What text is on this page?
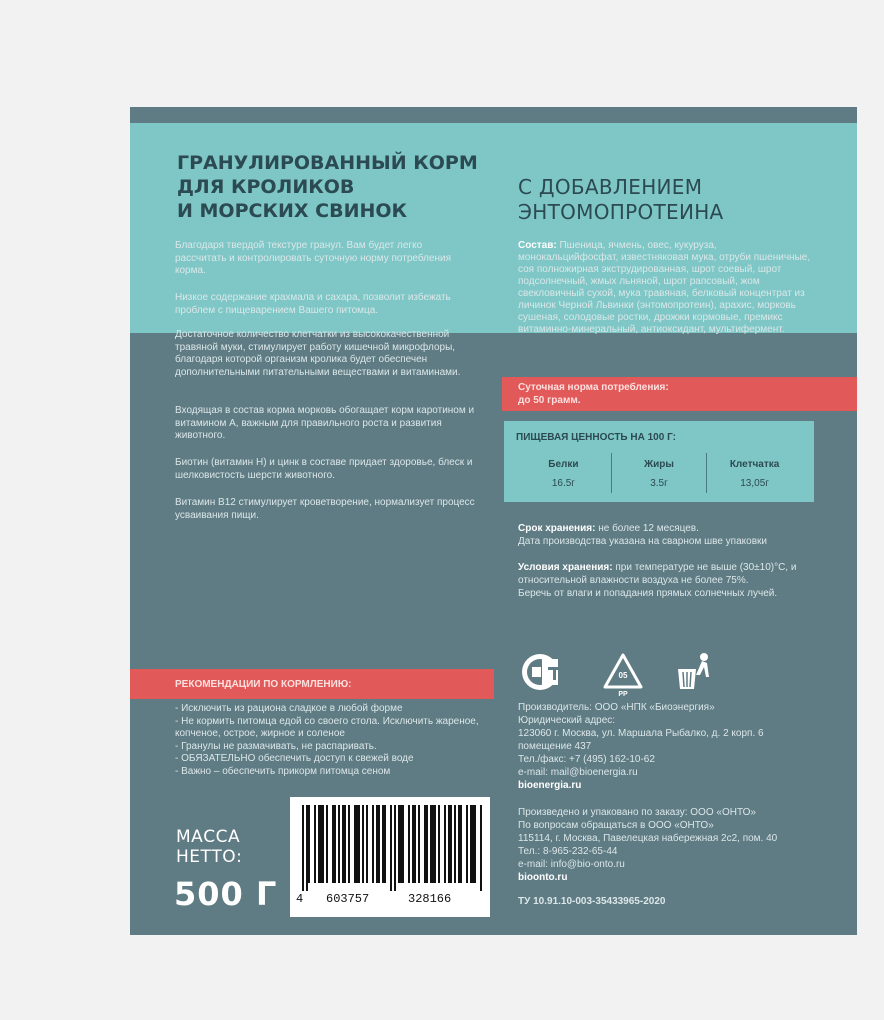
ГРАНУЛИРОВАННЫЙ КОРМ
ДЛЯ КРОЛИКОВ
И МОРСКИХ СВИНОК
С ДОБАВЛЕНИЕМ
ЭНТОМОПРОТЕИНА

Благодаря твердой текстуре гранул. Вам будет легко рассчитать и контролировать суточную норму потребления корма.

Низкое содержание крахмала и сахара, позволит избежать проблем с пищеварением Вашего питомца.

Достаточное количество клетчатки из высококачественной травяной муки, стимулирует работу кишечной микрофлоры, благодаря которой организм кролика будет обеспечен дополнительными питательными веществами и витаминами.

Входящая в состав корма морковь обогащает корм каротином и витамином А, важным для правильного роста и развития животного.

Биотин (витамин Н) и цинк в составе придает здоровье, блеск и шелковистость шерсти животного.

Витамин В12 стимулирует кроветворение, нормализует процесс усваивания пищи.

Состав: Пшеница, ячмень, овес, кукуруза, монокальцийфосфат, известняковая мука, отруби пшеничные, соя полножирная экструдированная, шрот соевый, шрот подсолнечный, жмых льняной, шрот рапсовый, жом свекловичный сухой, мука травяная, белковый концентрат из личинок Черной Львинки (энтомопротеин), арахис, морковь сушеная, солодовые ростки, дрожжи кормовые, премикс витаминно-минеральный, антиоксидант, мультифермент.
Суточная норма потребления:
до 50 грамм.
ПИЩЕВАЯ ЦЕННОСТЬ НА 100 Г:
Белки	Жиры	Клетчатка
16.5г	3.5г	13,05г
Срок хранения: не более 12 месяцев.
Дата производства указана на сварном шве упаковки
Условия хранения: при температуре не выше (30±10)°С, и относительной влажности воздуха не более 75%.
Беречь от влаги и попадания прямых солнечных лучей.
05
PP
Производитель: ООО «НПК «Биоэнергия»
Юридический адрес:
123060 г. Москва, ул. Маршала Рыбалко, д. 2 корп. 6
помещение 437
Тел./факс: +7 (495) 162-10-62
e-mail: mail@bioenergia.ru
bioenergia.ru
Произведено и упаковано по заказу: ООО «ОНТО»
По вопросам обращаться в ООО «ОНТО»
115114, г. Москва, Павелецкая набережная 2с2, пом. 40
Тел.: 8-965-232-65-44
e-mail: info@bio-onto.ru
bioonto.ru
ТУ 10.91.10-003-35433965-2020
РЕКОМЕНДАЦИИ ПО КОРМЛЕНИЮ:
- Исключить из рациона сладкое в любой форме
- Не кормить питомца едой со своего стола. Исключить жареное, копченое, острое, жирное и соленое
- Гранулы не размачивать, не распаривать.
- ОБЯЗАТЕЛЬНО обеспечить доступ к свежей воде
- Важно – обеспечить прикорм питомца сеном
МАССА
НЕТТО:
500 Г 4 603757	328166
